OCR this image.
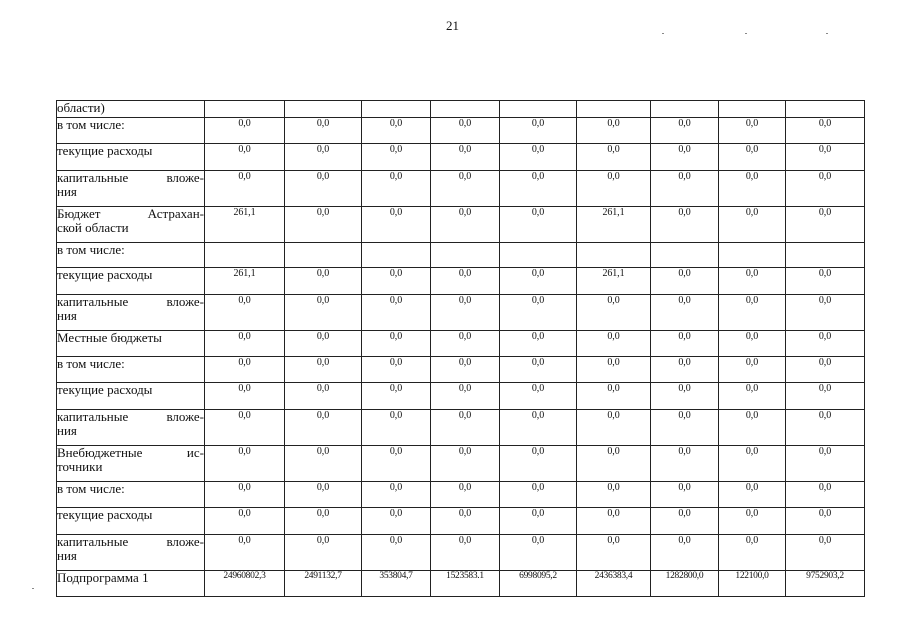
21
области)									
в том числе:	0,0	0,0	0,0	0,0	0,0	0,0	0,0	0,0	0,0
текущие расходы	0,0	0,0	0,0	0,0	0,0	0,0	0,0	0,0	0,0

капитальные вложе-
ния	0,0	0,0	0,0	0,0	0,0	0,0	0,0	0,0	0,0

Бюджет Астрахан-
ской области	261,1	0,0	0,0	0,0	0,0	261,1	0,0	0,0	0,0
в том числе:									
текущие расходы	261,1	0,0	0,0	0,0	0,0	261,1	0,0	0,0	0,0

капитальные вложе-
ния	0,0	0,0	0,0	0,0	0,0	0,0	0,0	0,0	0,0
Местные бюджеты	0,0	0,0	0,0	0,0	0,0	0,0	0,0	0,0	0,0
в том числе:	0,0	0,0	0,0	0,0	0,0	0,0	0,0	0,0	0,0
текущие расходы	0,0	0,0	0,0	0,0	0,0	0,0	0,0	0,0	0,0

капитальные вложе-
ния	0,0	0,0	0,0	0,0	0,0	0,0	0,0	0,0	0,0

Внебюджетные ис-
точники	0,0	0,0	0,0	0,0	0,0	0,0	0,0	0,0	0,0
в том числе:	0,0	0,0	0,0	0,0	0,0	0,0	0,0	0,0	0,0
текущие расходы	0,0	0,0	0,0	0,0	0,0	0,0	0,0	0,0	0,0

капитальные вложе-
ния	0,0	0,0	0,0	0,0	0,0	0,0	0,0	0,0	0,0
Подпрограмма 1	24960802,3	2491132,7	353804,7	1523583.1	6998095,2	2436383,4	1282800,0	122100,0	9752903,2
